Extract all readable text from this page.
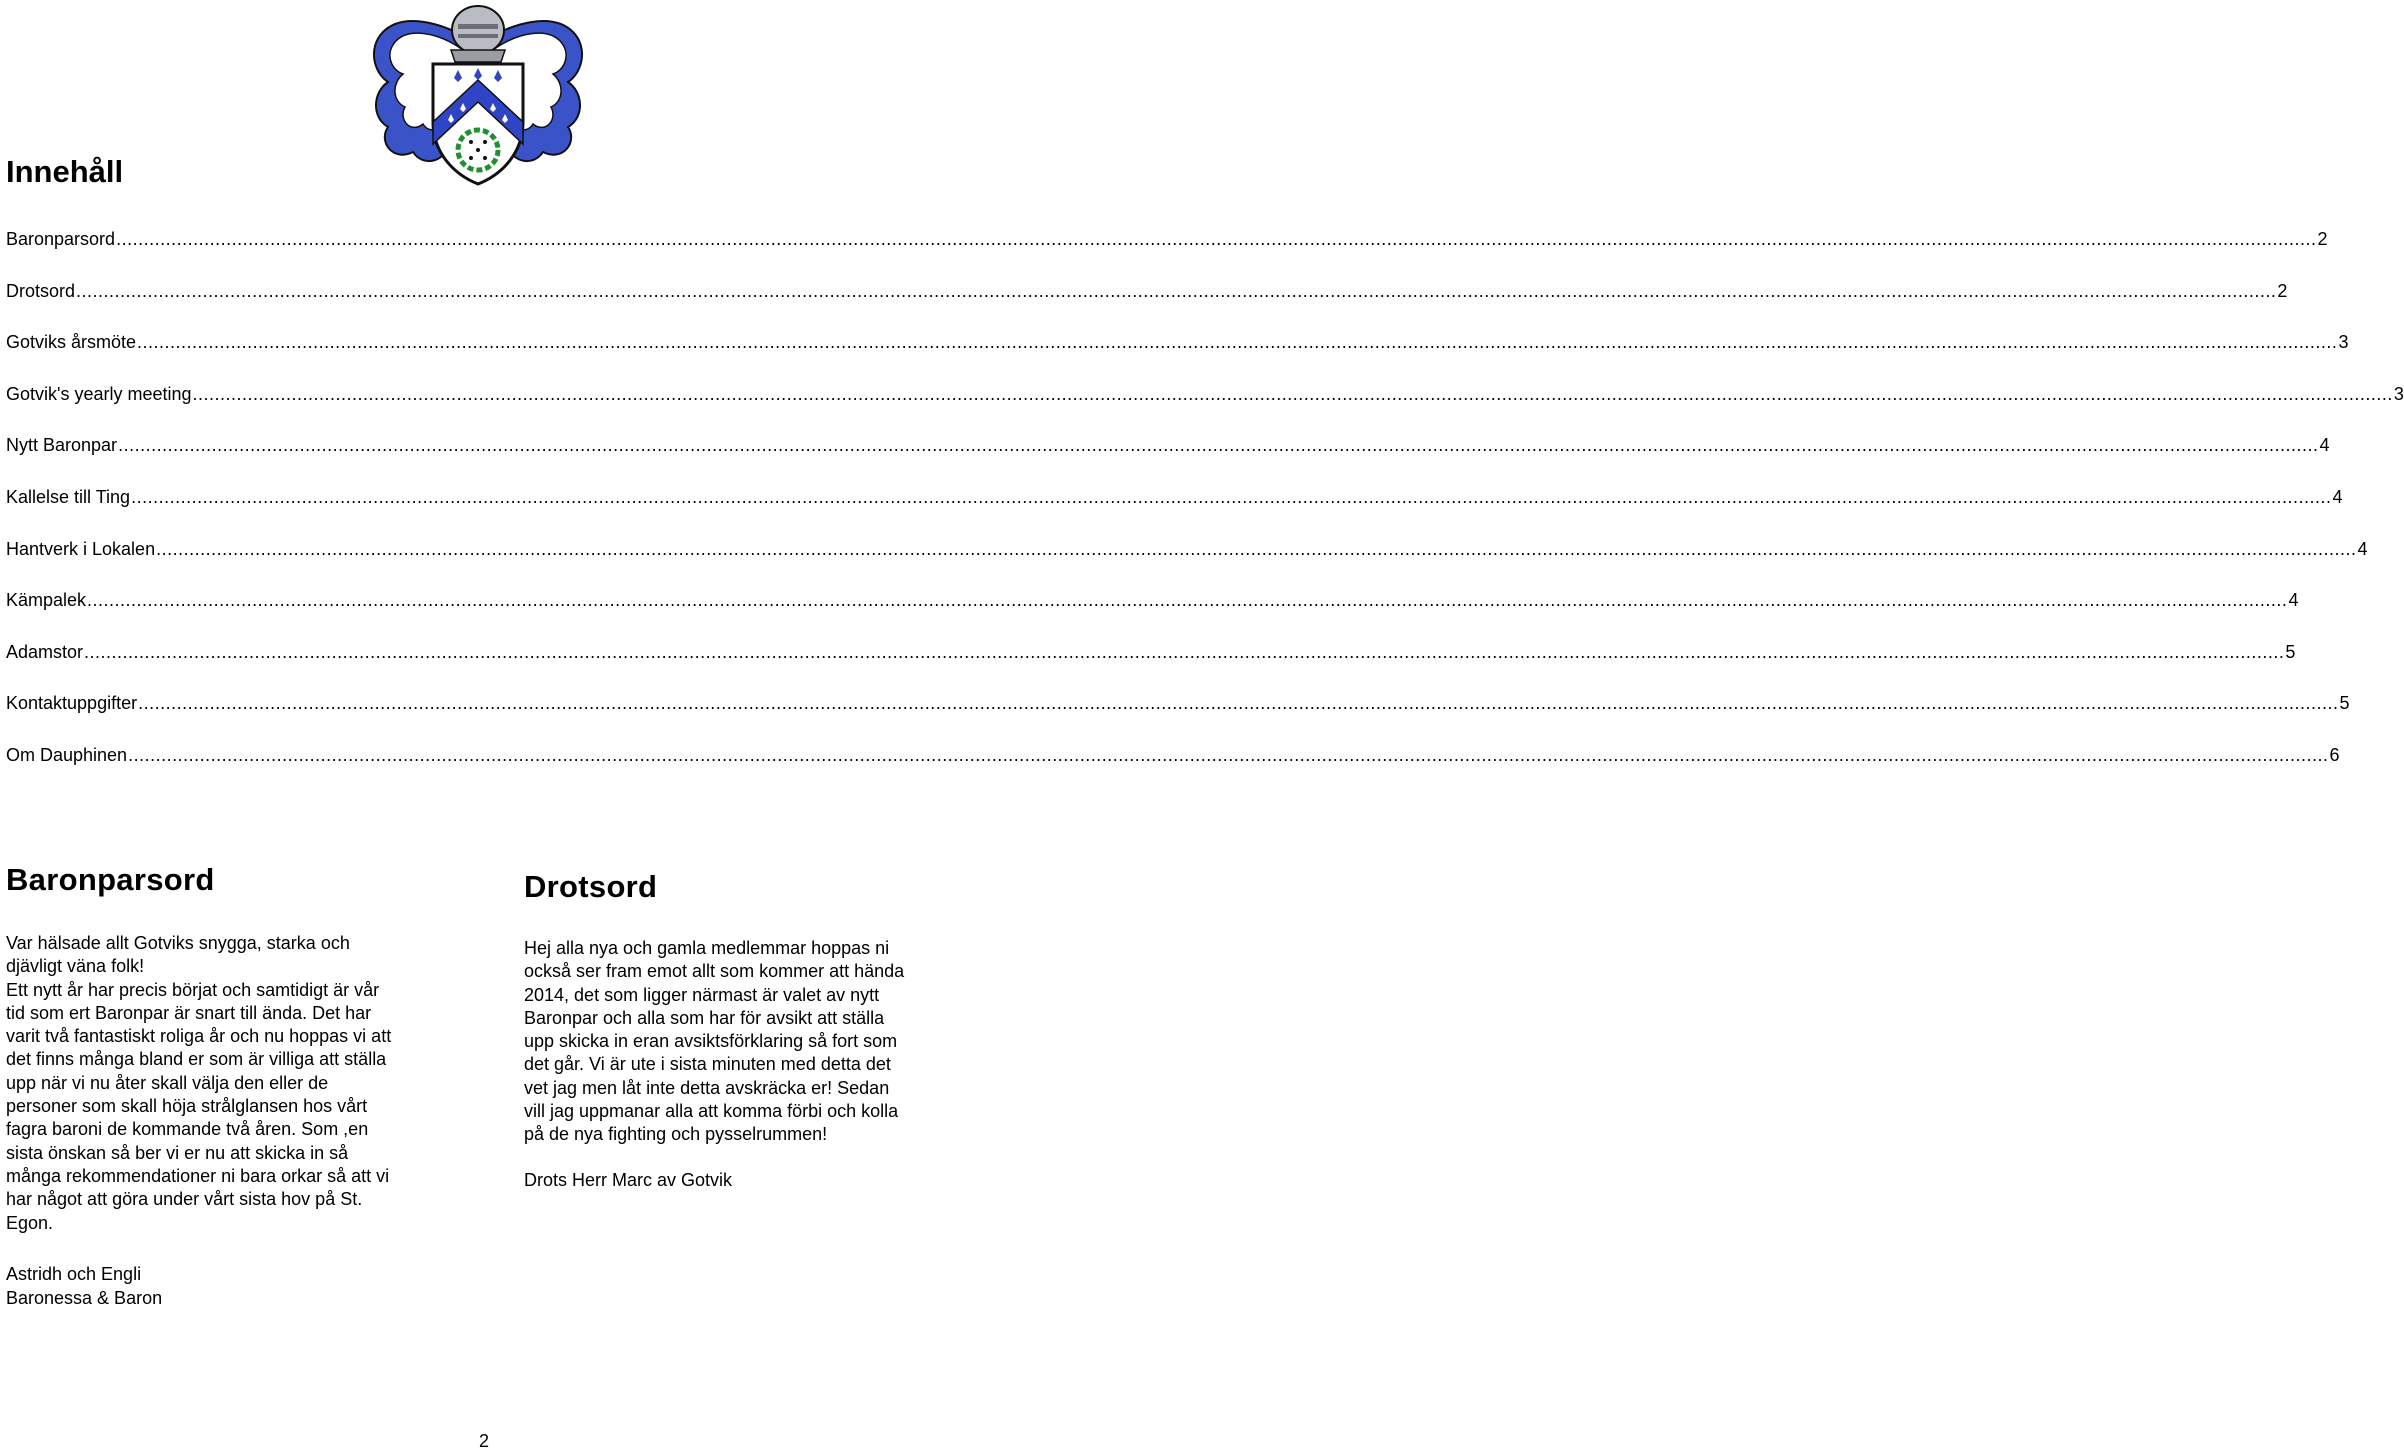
Innehåll
Baronparsord ................................................................................................................................................................................................................................................................................................................................................................................................................ 2
Drotsord ................................................................................................................................................................................................................................................................................................................................................................................................................ 2
Gotviks årsmöte ................................................................................................................................................................................................................................................................................................................................................................................................................ 3
Gotvik's yearly meeting ................................................................................................................................................................................................................................................................................................................................................................................................................ 3
Nytt Baronpar ................................................................................................................................................................................................................................................................................................................................................................................................................ 4
Kallelse till Ting ................................................................................................................................................................................................................................................................................................................................................................................................................ 4
Hantverk i Lokalen ................................................................................................................................................................................................................................................................................................................................................................................................................ 4
Kämpalek ................................................................................................................................................................................................................................................................................................................................................................................................................ 4
Adamstor ................................................................................................................................................................................................................................................................................................................................................................................................................ 5
Kontaktuppgifter ................................................................................................................................................................................................................................................................................................................................................................................................................ 5
Om Dauphinen ................................................................................................................................................................................................................................................................................................................................................................................................................ 6
Baronparsord
Var hälsade allt Gotviks snygga, starka och
djävligt väna folk!
Ett nytt år har precis börjat och samtidigt är vår
tid som ert Baronpar är snart till ända. Det har
varit två fantastiskt roliga år och nu hoppas vi att
det finns många bland er som är villiga att ställa
upp när vi nu åter skall välja den eller de
personer som skall höja strålglansen hos vårt
fagra baroni de kommande två åren. Som ,en
sista önskan så ber vi er nu att skicka in så
många rekommendationer ni bara orkar så att vi
har något att göra under vårt sista hov på St.
Egon.
Astridh och Engli
Baronessa & Baron
Drotsord
Hej alla nya och gamla medlemmar hoppas ni
också ser fram emot allt som kommer att hända
2014, det som ligger närmast är valet av nytt
Baronpar och alla som har för avsikt att ställa
upp skicka in eran avsiktsförklaring så fort som
det går. Vi är ute i sista minuten med detta det
vet jag men låt inte detta avskräcka er! Sedan
vill jag uppmanar alla att komma förbi och kolla
på de nya fighting och pysselrummen!
Drots Herr Marc av Gotvik
2
